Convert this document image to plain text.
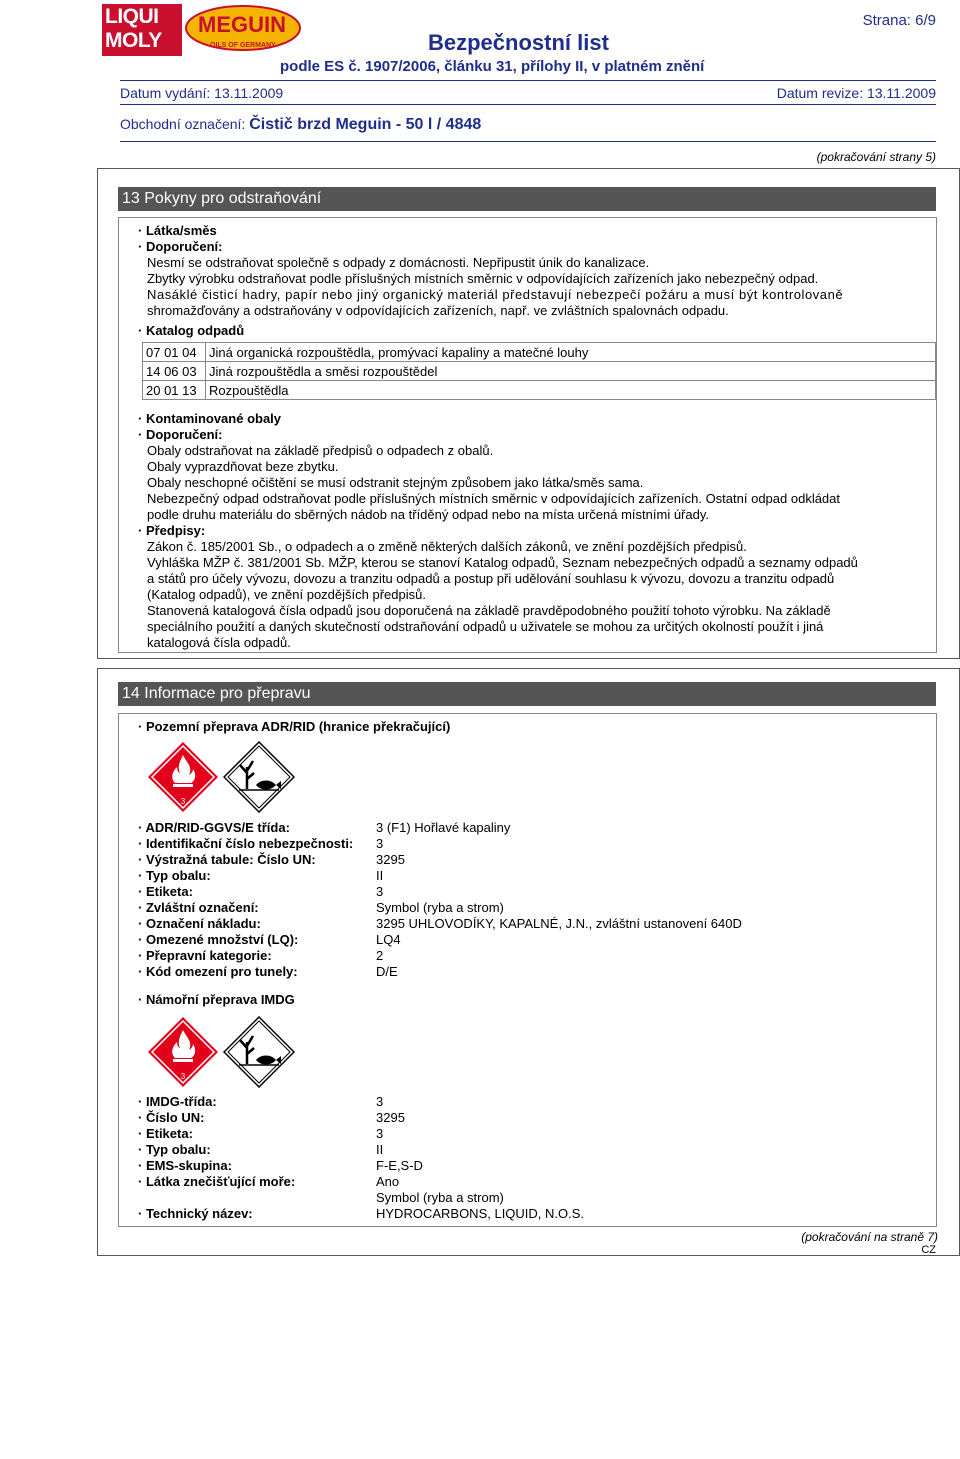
LIQUI
MOLY
MEGUIN
OILS OF GERMANY	Bezpečnostní list
podle ES č. 1907/2006, článku 31, přílohy II, v platném znění
Strana: 6/9
Datum vydání: 13.11.2009	Datum revize: 13.11.2009
Obchodní označení: Čistič brzd Meguin - 50 l / 4848
(pokračování strany 5)
13 Pokyny pro odstraňování
· Látka/směs
· Doporučení:
Nesmí se odstraňovat společně s odpady z domácnosti. Nepřipustit únik do kanalizace.
Zbytky výrobku odstraňovat podle příslušných místních směrnic v odpovídajících zařízeních jako nebezpečný odpad.
Nasáklé čisticí hadry, papír nebo jiný organický materiál představují nebezpečí požáru a musí být kontrolovaně
shromažďovány a odstraňovány v odpovídajících zařízeních, např. ve zvláštních spalovnách odpadu.
· Katalog odpadů
07 01 04	Jiná organická rozpouštědla, promývací kapaliny a matečné louhy
14 06 03	Jiná rozpouštědla a směsi rozpouštědel
20 01 13	Rozpouštědla
· Kontaminované obaly
· Doporučení:
Obaly odstraňovat na základě předpisů o odpadech z obalů.
Obaly vyprazdňovat beze zbytku.
Obaly neschopné očištění se musí odstranit stejným způsobem jako látka/směs sama.
Nebezpečný odpad odstraňovat podle příslušných místních směrnic v odpovídajících zařízeních. Ostatní odpad odkládat
podle druhu materiálu do sběrných nádob na tříděný odpad nebo na místa určená místními úřady.
· Předpisy:
Zákon č. 185/2001 Sb., o odpadech a o změně některých dalších zákonů, ve znění pozdějších předpisů.
Vyhláška MŽP č. 381/2001 Sb. MŽP, kterou se stanoví Katalog odpadů, Seznam nebezpečných odpadů a seznamy odpadů
a států pro účely vývozu, dovozu a tranzitu odpadů a postup při udělování souhlasu k vývozu, dovozu a tranzitu odpadů
(Katalog odpadů), ve znění pozdějších předpisů.
Stanovená katalogová čísla odpadů jsou doporučená na základě pravděpodobného použití tohoto výrobku. Na základě
speciálního použití a daných skutečností odstraňování odpadů u uživatele se mohou za určitých okolností použít i jiná
katalogová čísla odpadů.
14 Informace pro přepravu
· Pozemní přeprava ADR/RID (hranice překračující)
3
· ADR/RID-GGVS/E třída:	3 (F1) Hořlavé kapaliny
· Identifikační číslo nebezpečnosti: 3
· Výstražná tabule: Číslo UN:	3295
· Typ obalu:	II
· Etiketa:	3
· Zvláštní označení:	Symbol (ryba a strom)
· Označení nákladu:	3295 UHLOVODÍKY, KAPALNÉ, J.N., zvláštní ustanovení 640D
· Omezené množství (LQ):	LQ4
· Přepravní kategorie:	2
· Kód omezení pro tunely:	D/E
· Námořní přeprava IMDG
3
· IMDG-třída:	3
· Číslo UN:	3295
· Etiketa:	3
· Typ obalu:	II
· EMS-skupina:	F-E,S-D
· Látka znečišťující moře:	Ano
Symbol (ryba a strom)
· Technický název:	HYDROCARBONS, LIQUID, N.O.S.
(pokračování na straně 7)
CZ
